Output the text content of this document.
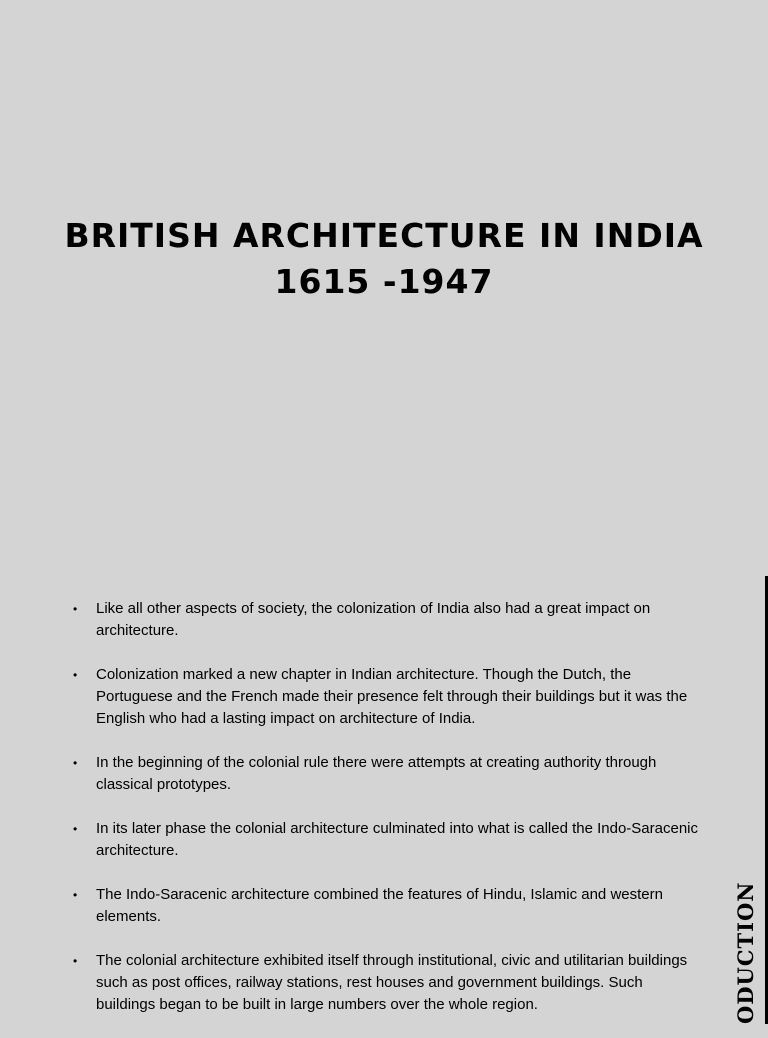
BRITISH ARCHITECTURE IN INDIA
1615 -1947
• Like all other aspects of society, the colonization of India also had a great impact on architecture.
• Colonization marked a new chapter in Indian architecture. Though the Dutch, the Portuguese and the French made their presence felt through their buildings but it was the English who had a lasting impact on architecture of India.
• In the beginning of the colonial rule there were attempts at creating authority through classical prototypes.
• In its later phase the colonial architecture culminated into what is called the Indo-Saracenic architecture.
• The Indo-Saracenic architecture combined the features of Hindu, Islamic and western elements.
• The colonial architecture exhibited itself through institutional, civic and utilitarian buildings such as post offices, railway stations, rest houses and government buildings. Such buildings began to be built in large numbers over the whole region.	ODUCTION
